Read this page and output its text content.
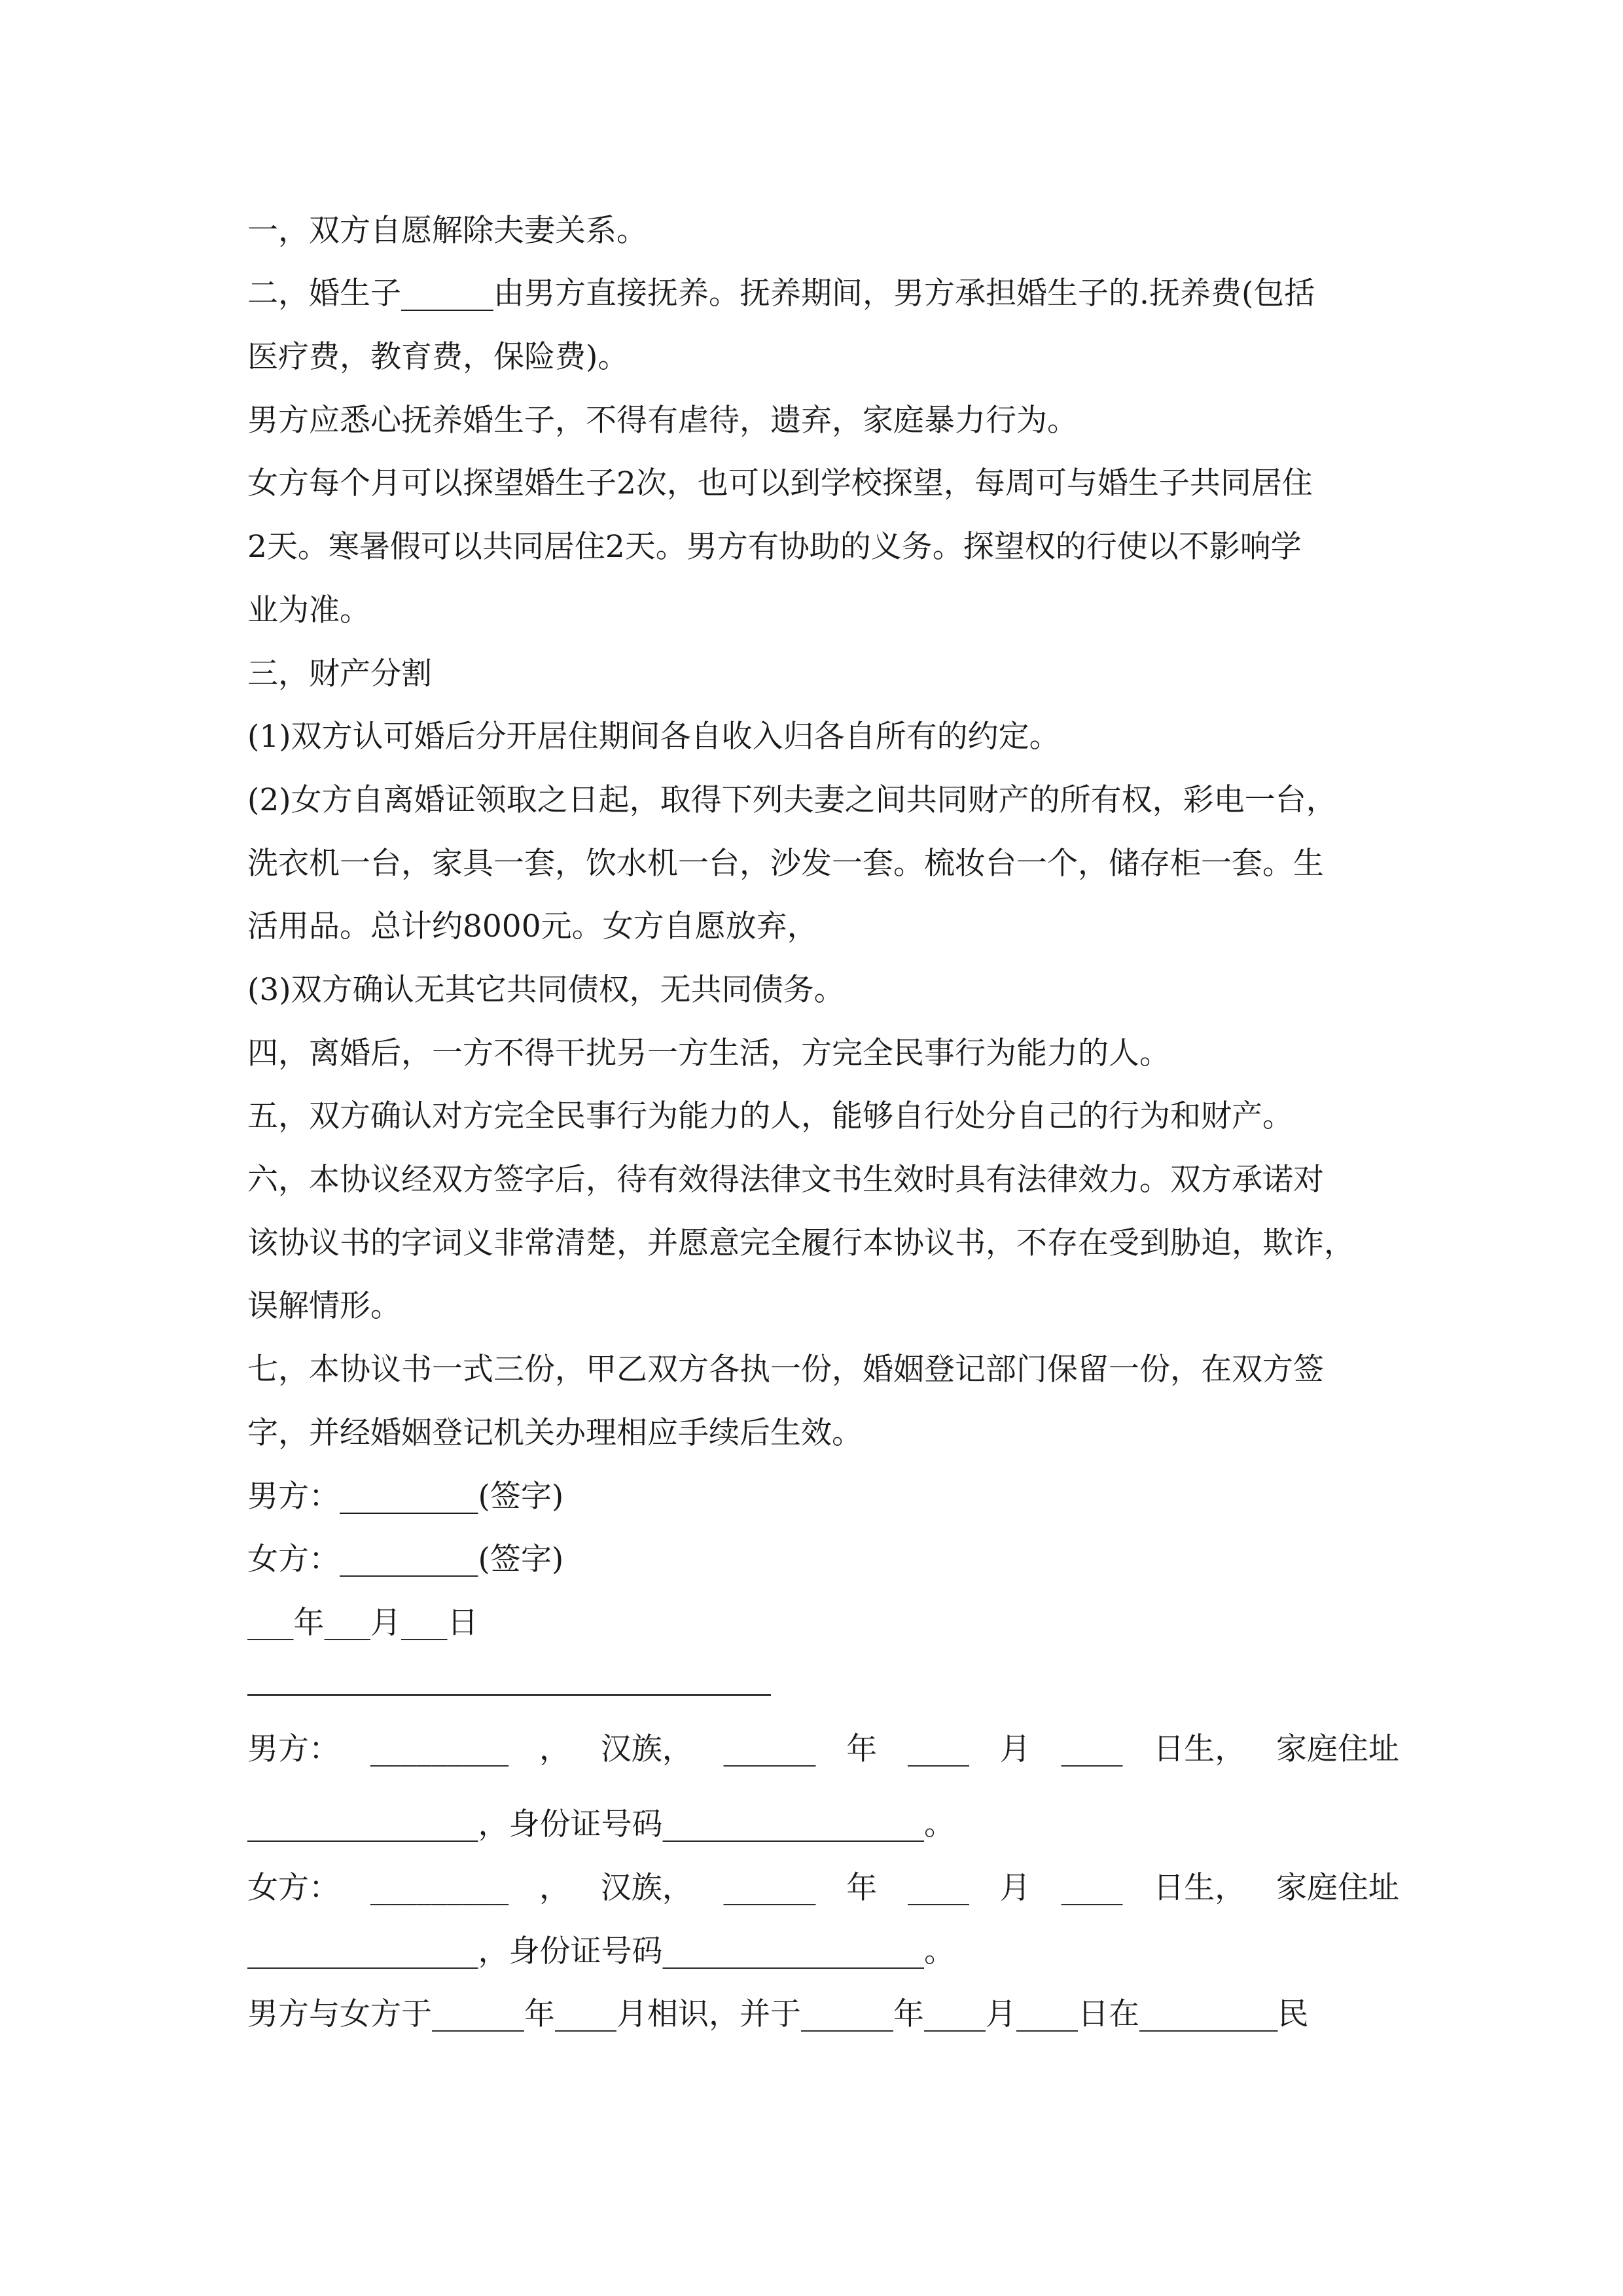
一，双方自愿解除夫妻关系。
二，婚生子______由男方直接抚养。抚养期间，男方承担婚生子的.抚养费(包括
医疗费，教育费，保险费)。
男方应悉心抚养婚生子，不得有虐待，遗弃，家庭暴力行为。
女方每个月可以探望婚生子2次，也可以到学校探望，每周可与婚生子共同居住
2天。寒暑假可以共同居住2天。男方有协助的义务。探望权的行使以不影响学
业为准。
三，财产分割
(1)双方认可婚后分开居住期间各自收入归各自所有的约定。
(2)女方自离婚证领取之日起，取得下列夫妻之间共同财产的所有权，彩电一台，
洗衣机一台，家具一套，饮水机一台，沙发一套。梳妆台一个，储存柜一套。生
活用品。总计约8000元。女方自愿放弃，
(3)双方确认无其它共同债权，无共同债务。
四，离婚后，一方不得干扰另一方生活，方完全民事行为能力的人。
五，双方确认对方完全民事行为能力的人，能够自行处分自己的行为和财产。
六，本协议经双方签字后，待有效得法律文书生效时具有法律效力。双方承诺对
该协议书的字词义非常清楚，并愿意完全履行本协议书，不存在受到胁迫，欺诈，
误解情形。
七，本协议书一式三份，甲乙双方各执一份，婚姻登记部门保留一份，在双方签
字，并经婚姻登记机关办理相应手续后生效。
男方：_________(签字)
女方：_________(签字)
___年___月___日
男方： _________ ， 汉族， ______ 年 ____ 月 ____ 日生， 家庭住址
_______________，身份证号码_________________。
女方： _________ ， 汉族， ______ 年 ____ 月 ____ 日生， 家庭住址
_______________，身份证号码_________________。
男方与女方于______年____月相识，并于______年____月____日在_________民
